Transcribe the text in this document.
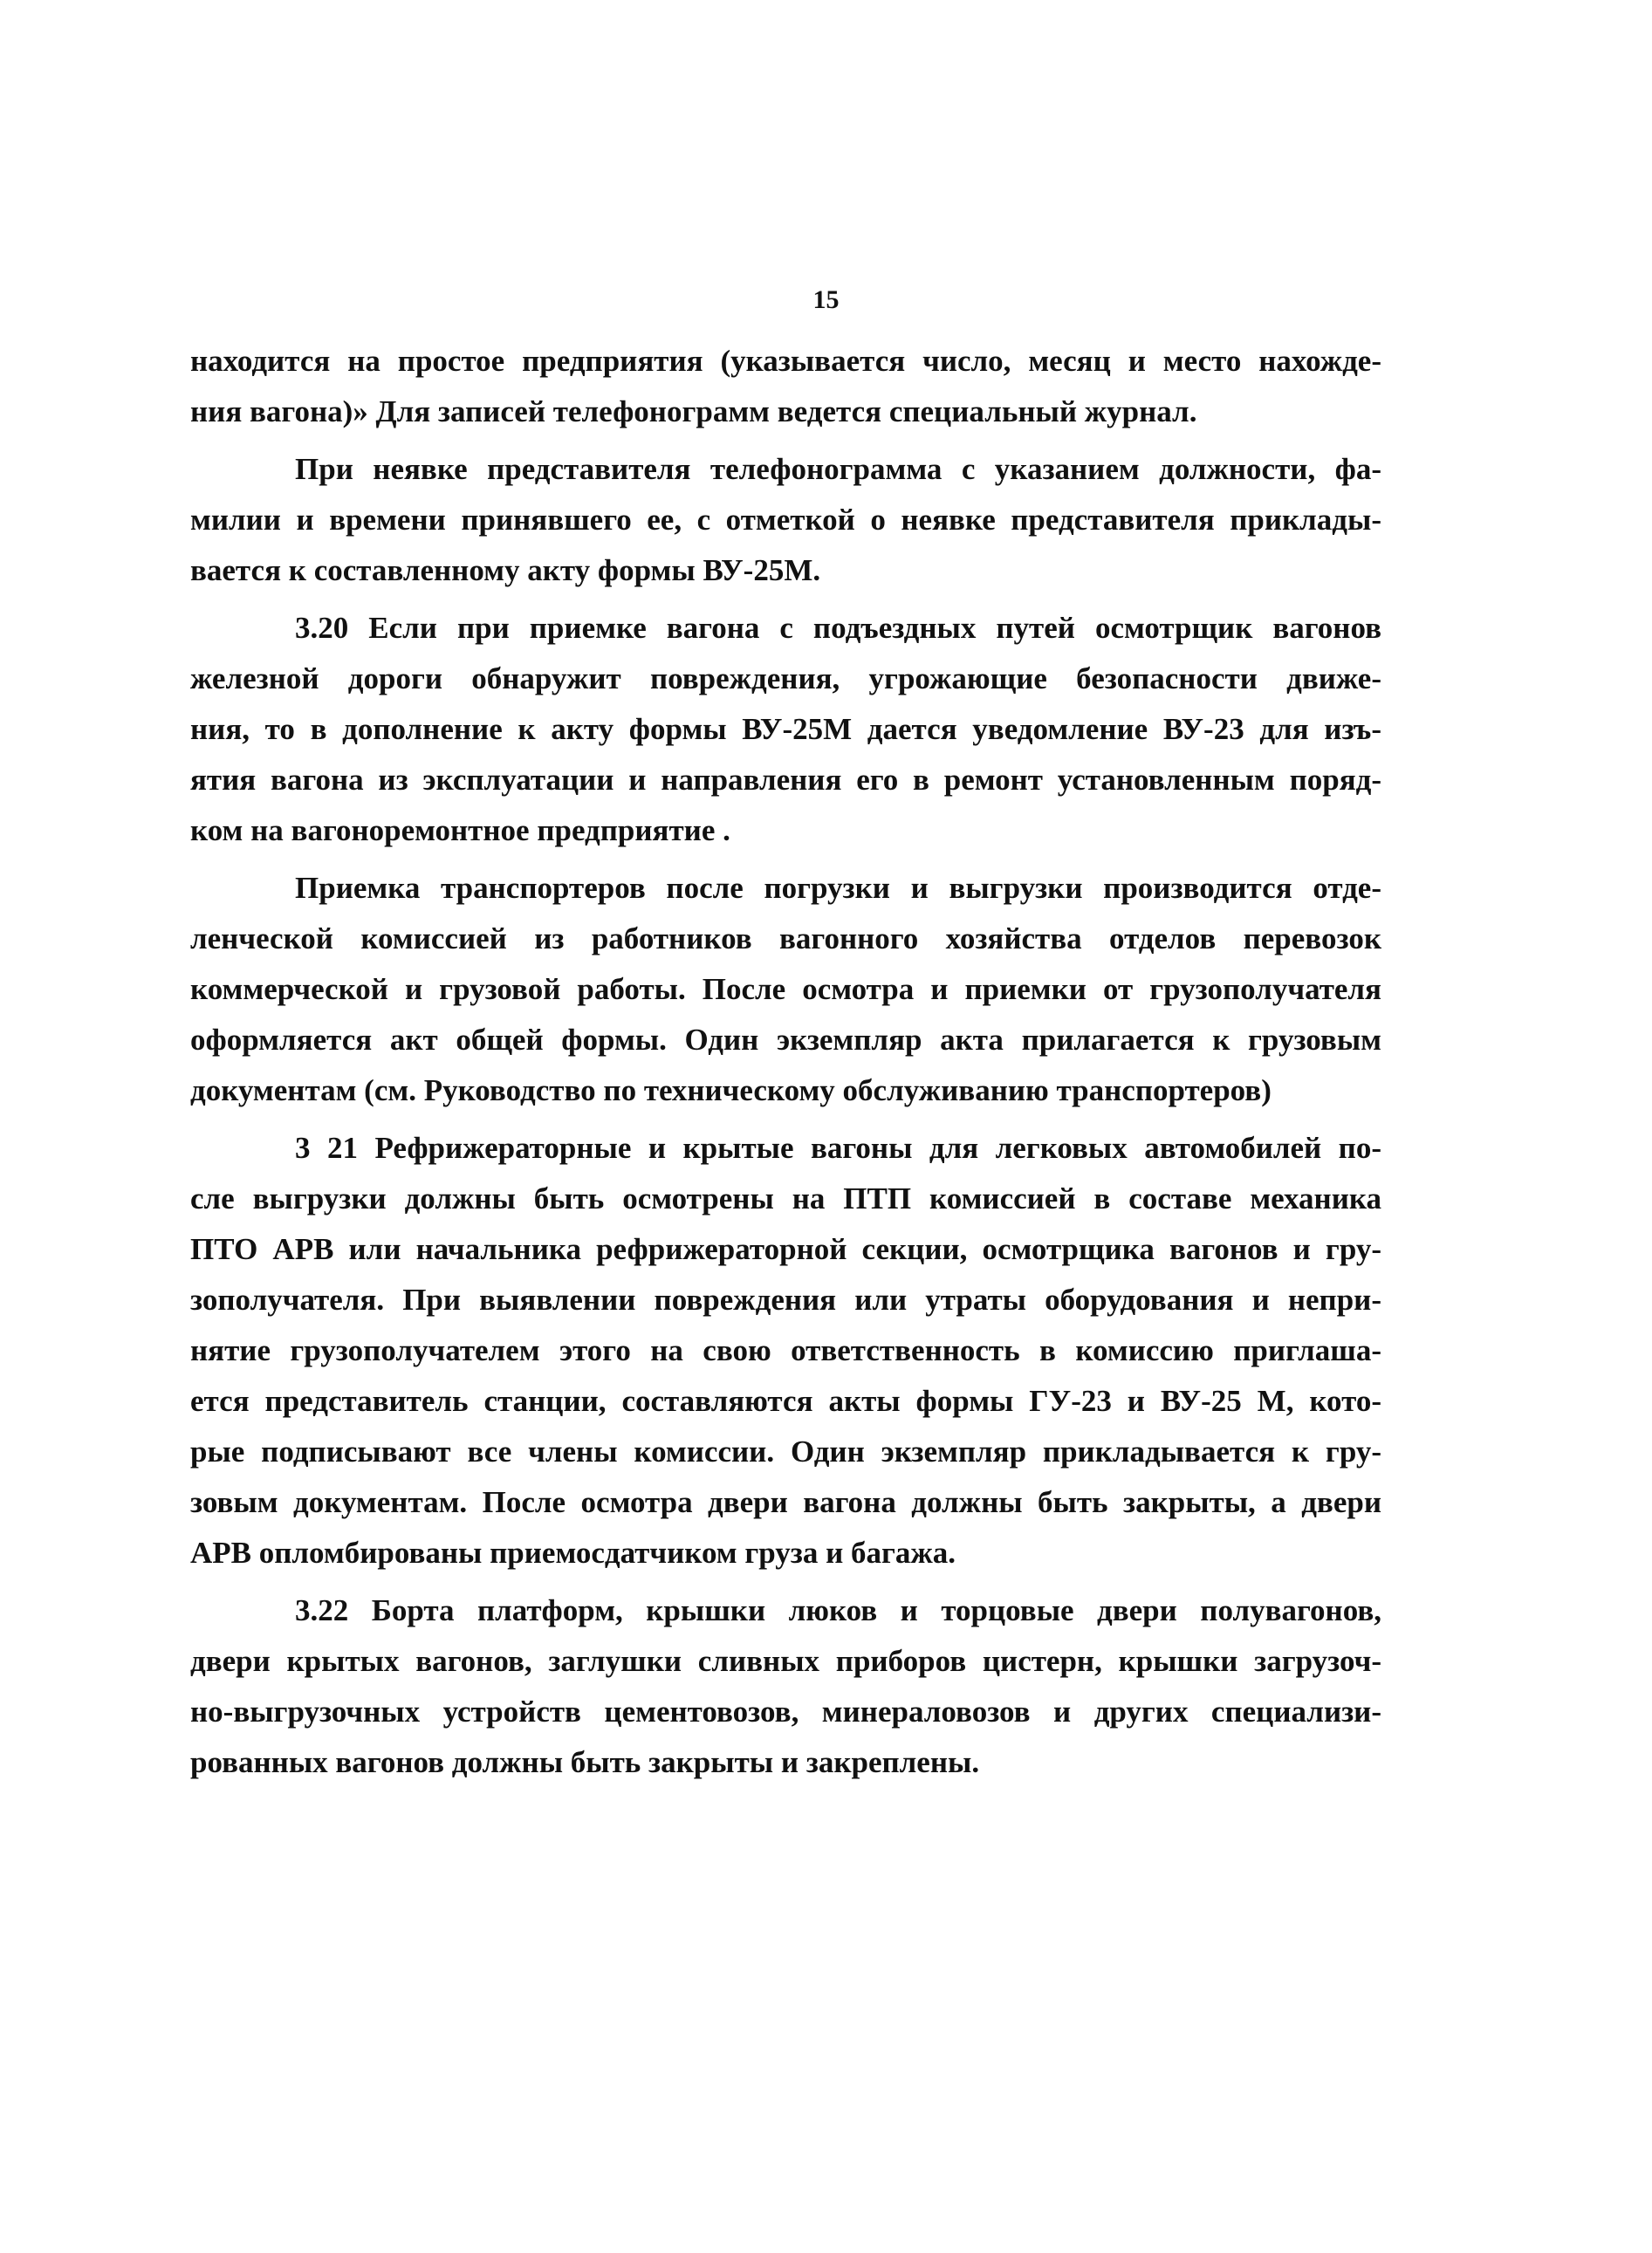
15
находится на простое предприятия (указывается число, месяц и место нахожде-
ния вагона)» Для записей телефонограмм ведется специальный журнал.
При неявке представителя телефонограмма с указанием должности, фа-
милии и времени принявшего ее, с отметкой о неявке представителя приклады-
вается к составленному акту формы ВУ-25М.
3.20 Если при приемке вагона с подъездных путей осмотрщик вагонов
железной дороги обнаружит повреждения, угрожающие безопасности движе-
ния, то в дополнение к акту формы ВУ-25М дается уведомление ВУ-23 для изъ-
ятия вагона из эксплуатации и направления его в ремонт установленным поряд-
ком на вагоноремонтное предприятие .
Приемка транспортеров после погрузки и выгрузки производится отде-
ленческой комиссией из работников вагонного хозяйства отделов перевозок
коммерческой и грузовой работы. После осмотра и приемки от грузополучателя
оформляется акт общей формы. Один экземпляр акта прилагается к грузовым
документам (см. Руководство по техническому обслуживанию транспортеров)
3 21 Рефрижераторные и крытые вагоны для легковых автомобилей по-
сле выгрузки должны быть осмотрены на ПТП комиссией в составе механика
ПТО АРВ или начальника рефрижераторной секции, осмотрщика вагонов и гру-
зополучателя. При выявлении повреждения или утраты оборудования и непри-
нятие грузополучателем этого на свою ответственность в комиссию приглаша-
ется представитель станции, составляются акты формы ГУ-23 и ВУ-25 М, кото-
рые подписывают все члены комиссии. Один экземпляр прикладывается к гру-
зовым документам. После осмотра двери вагона должны быть закрыты, а двери
АРВ опломбированы приемосдатчиком груза и багажа.
3.22 Борта платформ, крышки люков и торцовые двери полувагонов,
двери крытых вагонов, заглушки сливных приборов цистерн, крышки загрузоч-
но-выгрузочных устройств цементовозов, минераловозов и других специализи-
рованных вагонов должны быть закрыты и закреплены.
